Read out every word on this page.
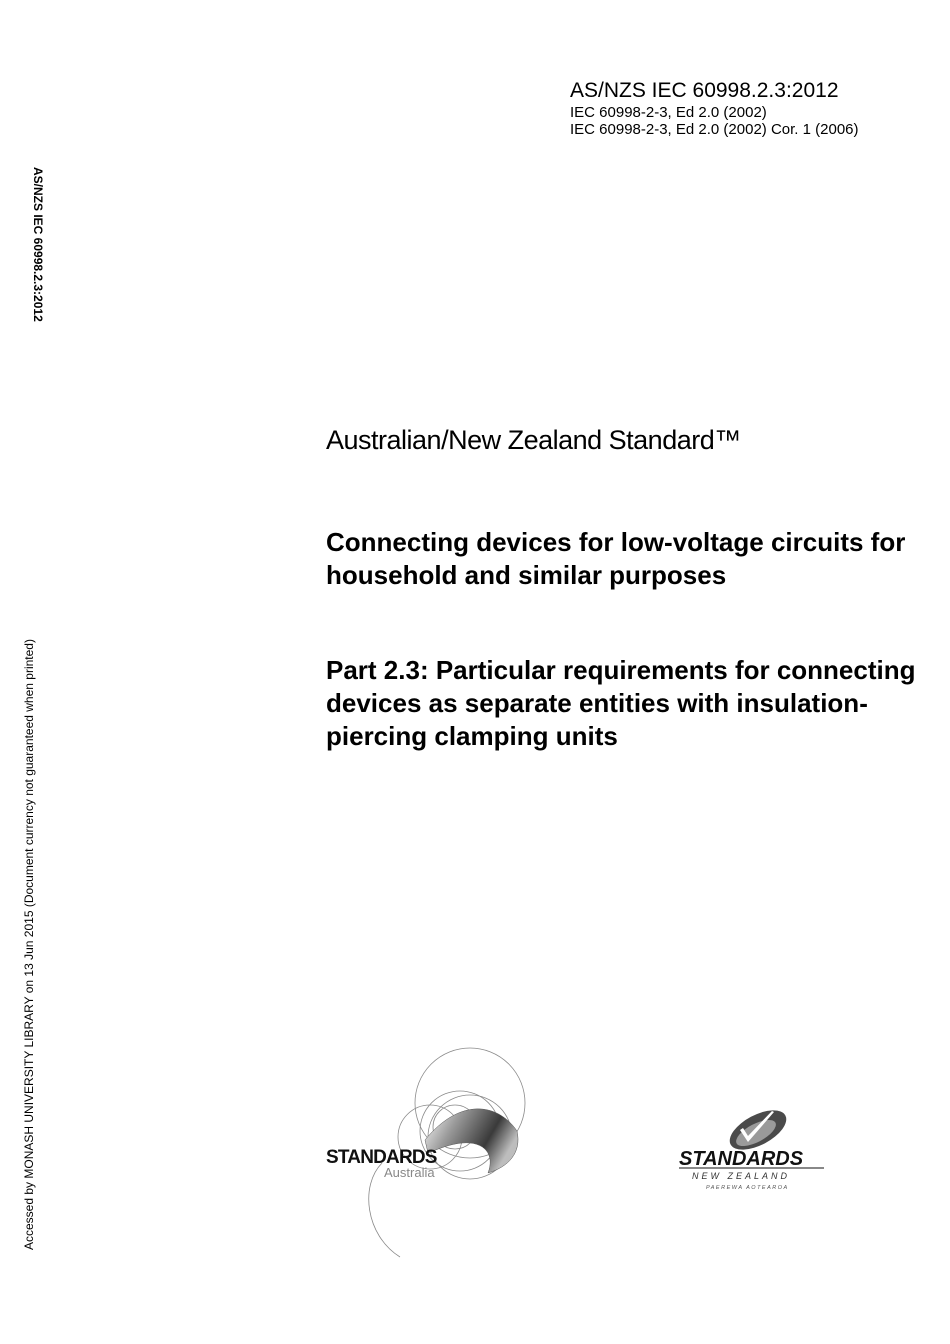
AS/NZS IEC 60998.2.3:2012
IEC 60998-2-3, Ed 2.0 (2002)
IEC 60998-2-3, Ed 2.0 (2002) Cor. 1 (2006)
AS/NZS IEC 60998.2.3:2012
Accessed by MONASH UNIVERSITY LIBRARY on 13 Jun 2015 (Document currency not guaranteed when printed)
Australian/New Zealand Standard™
Connecting devices for low-voltage circuits for household and similar purposes
Part 2.3: Particular requirements for connecting devices as separate entities with insulation-piercing clamping units
STANDARDS
Australia
STANDARDS
NEW ZEALAND
PAEREWA AOTEAROA
